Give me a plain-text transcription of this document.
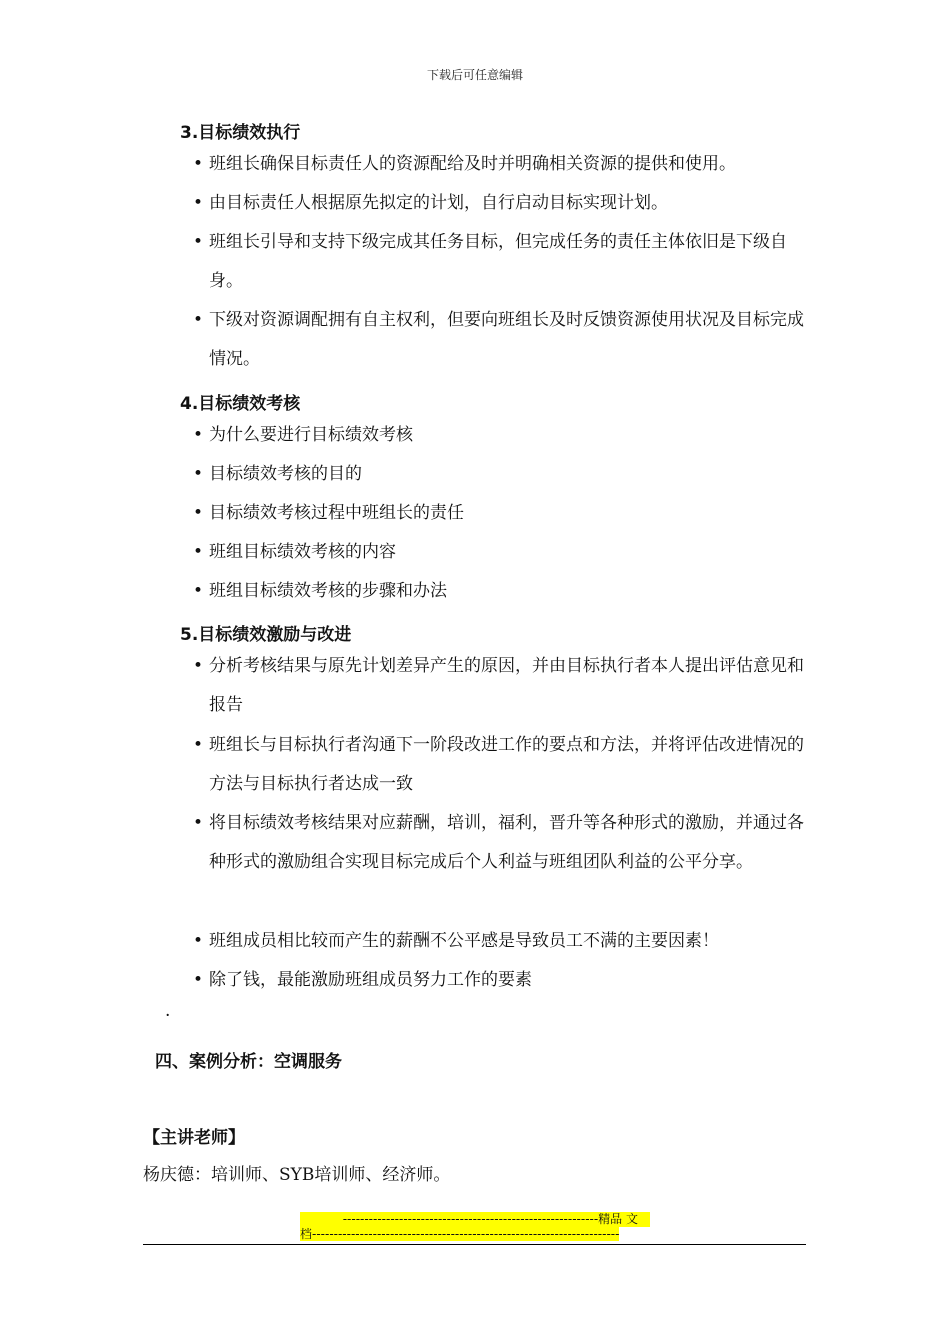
下载后可任意编辑
3.目标绩效执行
• 班组长确保目标责任人的资源配给及时并明确相关资源的提供和使用。
• 由目标责任人根据原先拟定的计划，自行启动目标实现计划。
• 班组长引导和支持下级完成其任务目标，但完成任务的责任主体依旧是下级自身。
• 下级对资源调配拥有自主权利，但要向班组长及时反馈资源使用状况及目标完成情况。
4.目标绩效考核
• 为什么要进行目标绩效考核
• 目标绩效考核的目的
• 目标绩效考核过程中班组长的责任
• 班组目标绩效考核的内容
• 班组目标绩效考核的步骤和办法
5.目标绩效激励与改进
• 分析考核结果与原先计划差异产生的原因，并由目标执行者本人提出评估意见和报告
• 班组长与目标执行者沟通下一阶段改进工作的要点和方法，并将评估改进情况的方法与目标执行者达成一致
• 将目标绩效考核结果对应薪酬，培训，福利，晋升等各种形式的激励，并通过各种形式的激励组合实现目标完成后个人利益与班组团队利益的公平分享。
• 班组成员相比较而产生的薪酬不公平感是导致员工不满的主要因素！
• 除了钱，最能激励班组成员努力工作的要素
·
四、案例分析：空调服务
【主讲老师】
杨庆德：培训师、SYB培训师、经济师。
-----------------------------------------------------------精品 文
档-----------------------------------------------------------------------
